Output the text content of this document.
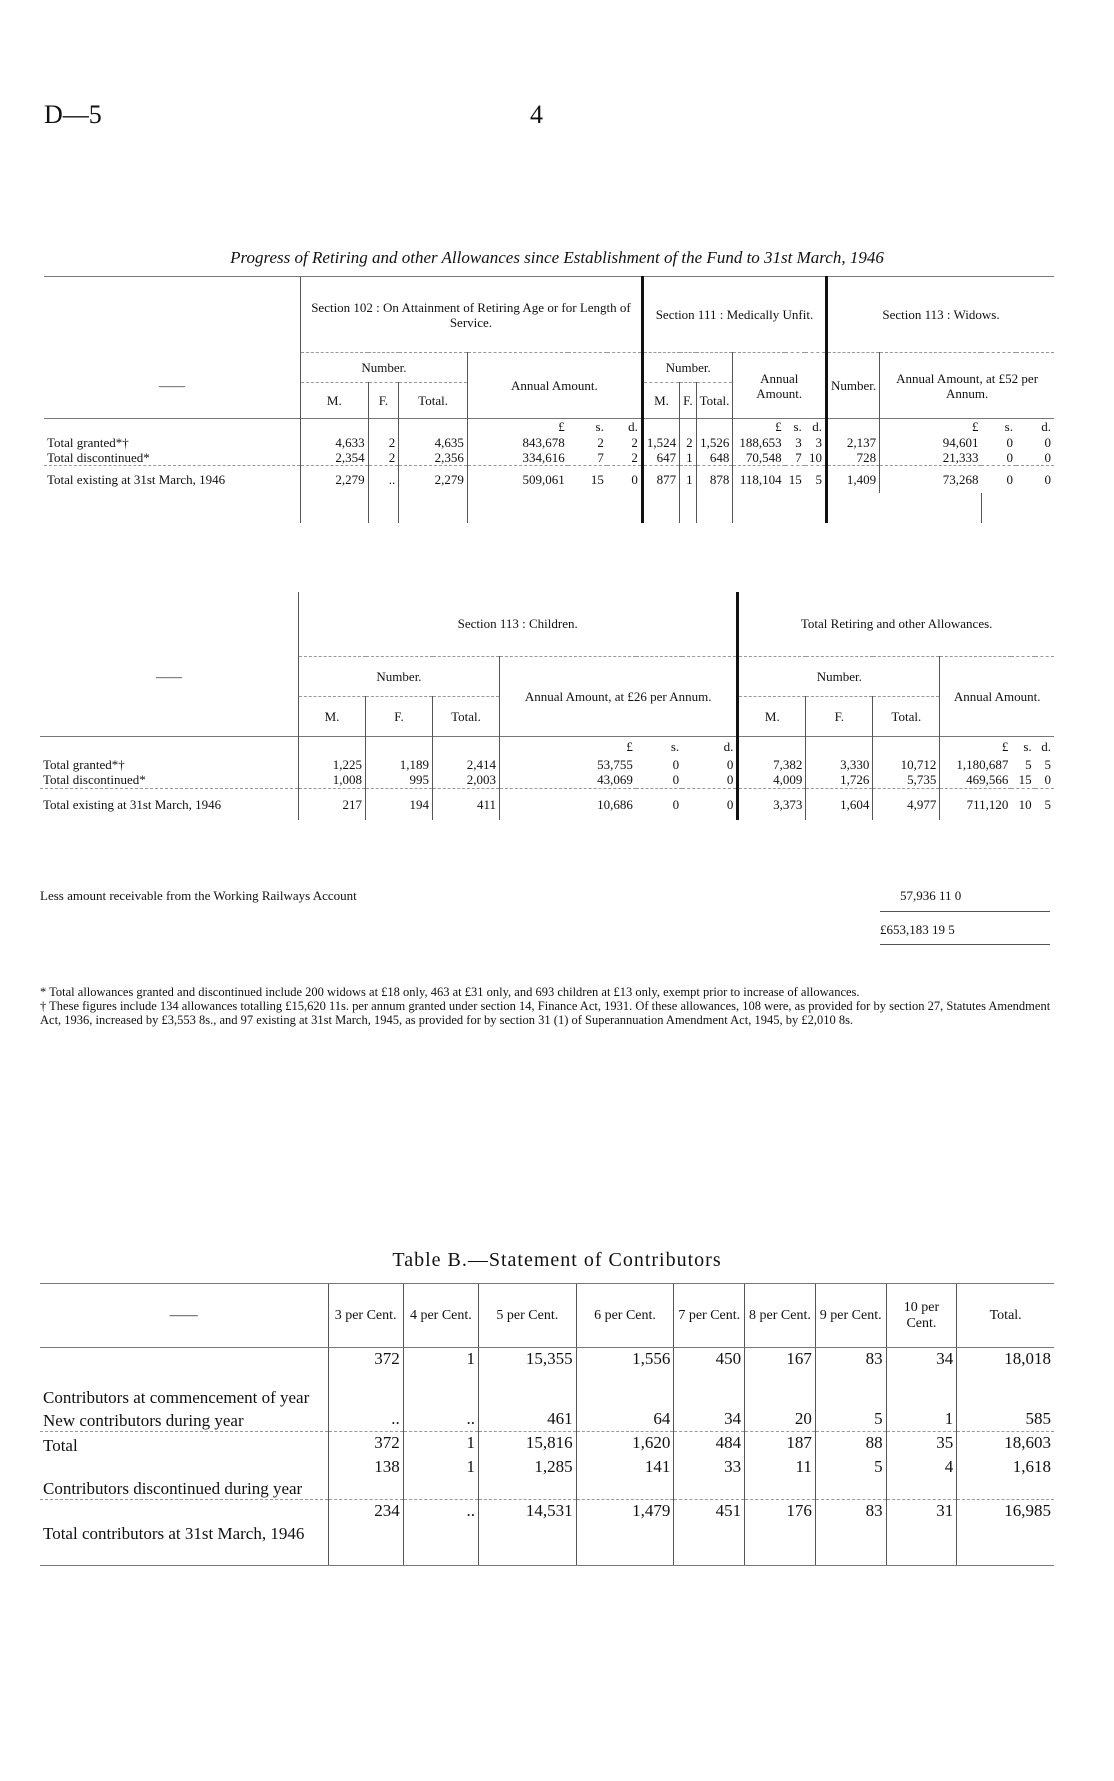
D—5	4
Progress of Retiring and other Allowances since Establishment of the Fund to 31st March, 1946
	Section 102 : On Attainment of Retiring Age or for Length of Service.						Section 111 : Medically Unfit.						Section 113 : Widows.			
——	Number.			Annual Amount.			Number.			Annual Amount.			Number.	Annual Amount, at £52 per Annum.		
	M.	F.	Total.				M.	F.	Total.							
				£	s.	d.				£	s.	d.		£	s.	d.
Total granted*†	4,633	2	4,635	843,678	2	2	1,524	2	1,526	188,653	3	3	2,137	94,601	0	0
Total discontinued*	2,354	2	2,356	334,616	7	2	647	1	648	70,548	7	10	728	21,333	0	0
Total existing at 31st March, 1946	2,279	..	2,279	509,061	15	0	877	1	878	118,104	15	5	1,409	73,268	0	0

	Section 113 : Children.						Total Retiring and other Allowances.					
——	Number.			Annual Amount, at £26 per Annum.			Number.			Annual Amount.		
	M.	F.	Total.				M.	F.	Total.			
				£	s.	d.				£	s.	d.
Total granted*†	1,225	1,189	2,414	53,755	0	0	7,382	3,330	10,712	1,180,687	5	5
Total discontinued*	1,008	995	2,003	43,069	0	0	4,009	1,726	5,735	469,566	15	0
Total existing at 31st March, 1946	217	194	411	10,686	0	0	3,373	1,604	4,977	711,120	10	5
Less amount receivable from the Working Railways Account	57,936 11 0
£653,183 19 5

* Total allowances granted and discontinued include 200 widows at £18 only, 463 at £31 only, and 693 children at £13 only, exempt prior to increase of allowances.

† These figures include 134 allowances totalling £15,620 11s. per annum granted under section 14, Finance Act, 1931. Of these allowances, 108 were, as provided for by section 27, Statutes Amendment Act, 1936, increased by £3,553 8s., and 97 existing at 31st March, 1945, as provided for by section 31 (1) of Superannuation Amendment Act, 1945, by £2,010 8s.

Table B.—Statement of Contributors
——	3 per Cent.	4 per Cent.	5 per Cent.	6 per Cent.	7 per Cent.	8 per Cent.	9 per Cent.	10 per Cent.	Total.
Contributors at commencement of year	372	1	15,355	1,556	450	167	83	34	18,018
New contributors during year	..	..	461	64	34	20	5	1	585
Total	372	1	15,816	1,620	484	187	88	35	18,603
Contributors discontinued during year	138	1	1,285	141	33	11	5	4	1,618
Total contributors at 31st March, 1946	234	..	14,531	1,479	451	176	83	31	16,985
